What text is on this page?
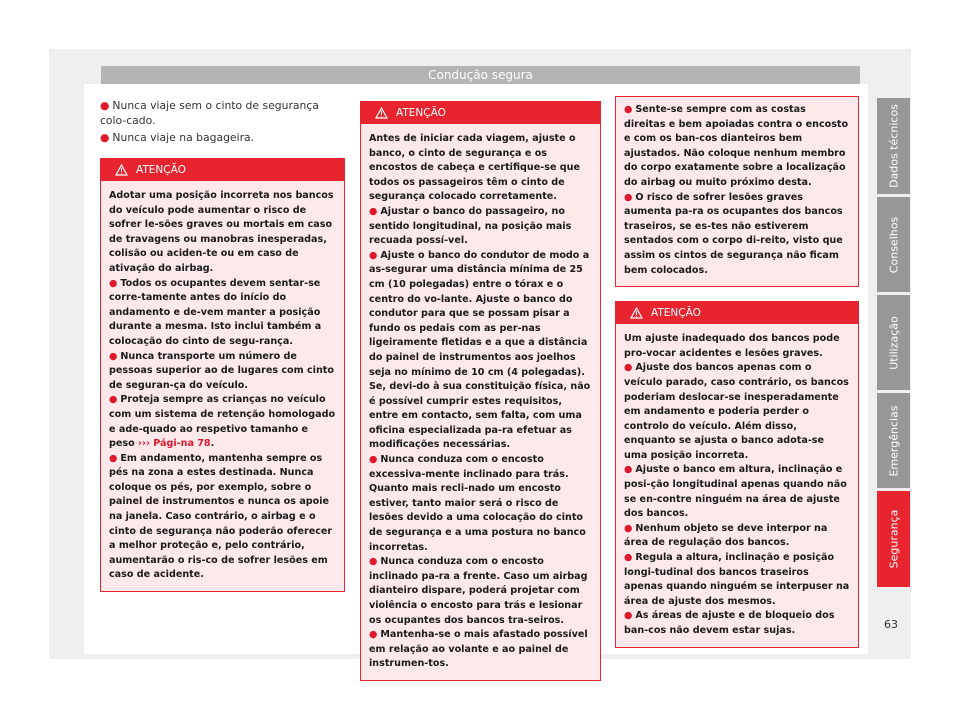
Condução segura

● Nunca viaje sem o cinto de segurança colo-cado.

● Nunca viaje na bagageira.

ATENÇÃO

Adotar uma posição incorreta nos bancos do veículo pode aumentar o risco de sofrer le-sões graves ou mortais em caso de travagens ou manobras inesperadas, colisão ou aciden-te ou em caso de ativação do airbag.

● Todos os ocupantes devem sentar-se corre-tamente antes do início do andamento e de-vem manter a posição durante a mesma. Isto inclui também a colocação do cinto de segu-rança.

● Nunca transporte um número de pessoas superior ao de lugares com cinto de seguran-ça do veículo.

● Proteja sempre as crianças no veículo com um sistema de retenção homologado e ade-quado ao respetivo tamanho e peso ››› Pági-na 78.

● Em andamento, mantenha sempre os pés na zona a estes destinada. Nunca coloque os pés, por exemplo, sobre o painel de instrumentos e nunca os apoie na janela. Caso contrário, o airbag e o cinto de segurança não poderão oferecer a melhor proteção e, pelo contrário, aumentarão o ris-co de sofrer lesões em caso de acidente.

ATENÇÃO

Antes de iniciar cada viagem, ajuste o banco, o cinto de segurança e os encostos de cabeça e certifique-se que todos os passageiros têm o cinto de segurança colocado corretamente.

● Ajustar o banco do passageiro, no sentido longitudinal, na posição mais recuada possí-vel.

● Ajuste o banco do condutor de modo a as-segurar uma distância mínima de 25 cm (10 polegadas) entre o tórax e o centro do vo-lante. Ajuste o banco do condutor para que se possam pisar a fundo os pedais com as per-nas ligeiramente fletidas e a que a distância do painel de instrumentos aos joelhos seja no mínimo de 10 cm (4 polegadas). Se, devi-do à sua constituição física, não é possível cumprir estes requisitos, entre em contacto, sem falta, com uma oficina especializada pa-ra efetuar as modificações necessárias.

● Nunca conduza com o encosto excessiva-mente inclinado para trás. Quanto mais recli-nado um encosto estiver, tanto maior será o risco de lesões devido a uma colocação do cinto de segurança e a uma postura no banco incorretas.

● Nunca conduza com o encosto inclinado pa-ra a frente. Caso um airbag dianteiro dispare, poderá projetar com violência o encosto para trás e lesionar os ocupantes dos bancos tra-seiros.

● Mantenha-se o mais afastado possível em relação ao volante e ao painel de instrumen-tos.

● Sente-se sempre com as costas direitas e bem apoiadas contra o encosto e com os ban-cos dianteiros bem ajustados. Não coloque nenhum membro do corpo exatamente sobre a localização do airbag ou muito próximo desta.

● O risco de sofrer lesões graves aumenta pa-ra os ocupantes dos bancos traseiros, se es-tes não estiverem sentados com o corpo di-reito, visto que assim os cintos de segurança não ficam bem colocados.

ATENÇÃO

Um ajuste inadequado dos bancos pode pro-vocar acidentes e lesões graves.

● Ajuste dos bancos apenas com o veículo parado, caso contrário, os bancos poderiam deslocar-se inesperadamente em andamento e poderia perder o controlo do veículo. Além disso, enquanto se ajusta o banco adota-se uma posição incorreta.

● Ajuste o banco em altura, inclinação e posi-ção longitudinal apenas quando não se en-contre ninguém na área de ajuste dos bancos.

● Nenhum objeto se deve interpor na área de regulação dos bancos.

● Regula a altura, inclinação e posição longi-tudinal dos bancos traseiros apenas quando ninguém se interpuser na área de ajuste dos mesmos.

● As áreas de ajuste e de bloqueio dos ban-cos não devem estar sujas.

Dados técnicos
Conselhos
Utilização
Emergências
Segurança
63
